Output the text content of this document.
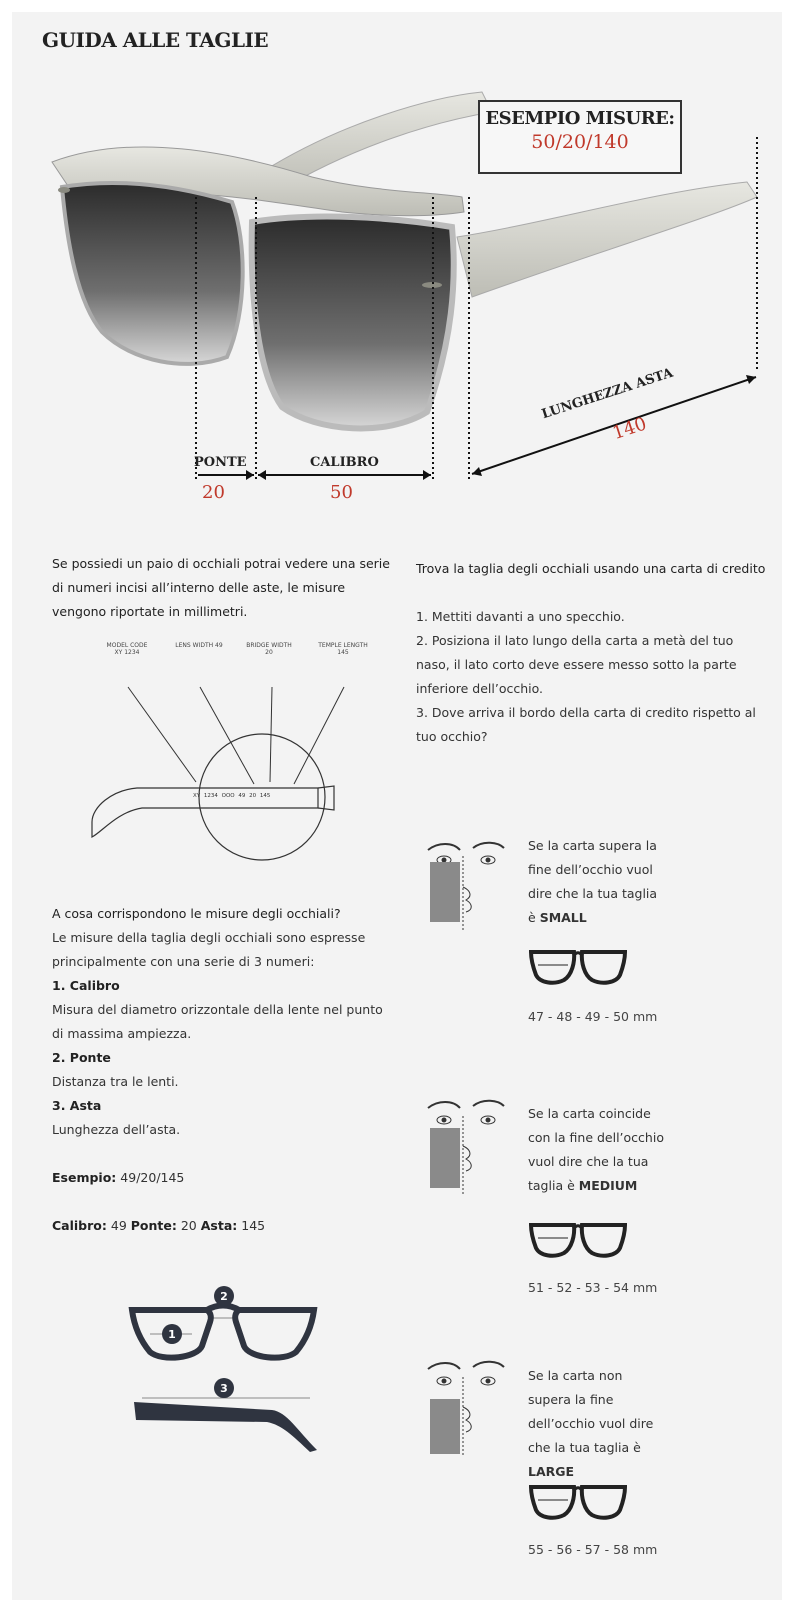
GUIDA ALLE TAGLIE
ESEMPIO MISURE:
50/20/140
PONTE
20
CALIBRO
50
LUNGHEZZA ASTA
140
Se possiedi un paio di occhiali potrai vedere una serie di numeri incisi all’interno delle aste, le misure vengono riportate in millimetri.
MODEL CODE XY 1234
LENS WIDTH 49	BRIDGE WIDTH 20
TEMPLE LENGTH 145
XY 1234 OOO 49 20 145
A cosa corrispondono le misure degli occhiali?
Le misure della taglia degli occhiali sono espresse principalmente con una serie di 3 numeri:
1. Calibro
Misura del diametro orizzontale della lente nel punto di massima ampiezza.
2. Ponte
Distanza tra le lenti.
3. Asta
Lunghezza dell’asta.
Esempio: 49/20/145
Calibro: 49 Ponte: 20 Asta: 145
2
1
3
Trova la taglia degli occhiali usando una carta di credito
1. Mettiti davanti a uno specchio.
2. Posiziona il lato lungo della carta a metà del tuo naso, il lato corto deve essere messo sotto la parte inferiore dell’occhio.
3. Dove arriva il bordo della carta di credito rispetto al tuo occhio?
Se la carta supera la fine dell’occhio vuol dire che la tua taglia è SMALL
47 - 48 - 49 - 50 mm
Se la carta coincide con la fine dell’occhio vuol dire che la tua taglia è MEDIUM
51 - 52 - 53 - 54 mm
Se la carta non supera la fine dell’occhio vuol dire che la tua taglia è LARGE
55 - 56 - 57 - 58 mm
